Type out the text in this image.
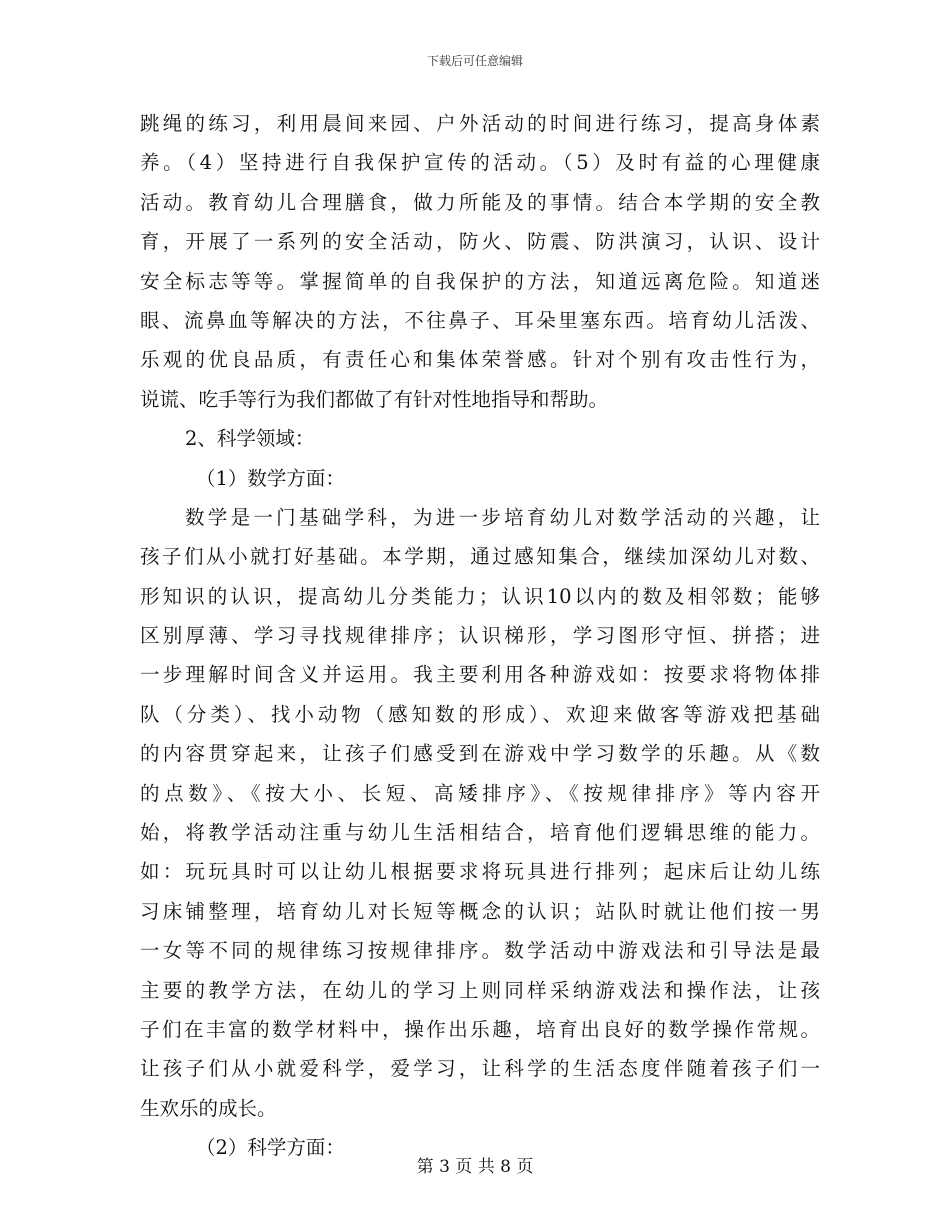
下载后可任意编辑
跳绳的练习，利用晨间来园、户外活动的时间进行练习，提高身体素
养。（4）坚持进行自我保护宣传的活动。（5）及时有益的心理健康
活动。教育幼儿合理膳食，做力所能及的事情。结合本学期的安全教
育，开展了一系列的安全活动，防火、防震、防洪演习，认识、设计
安全标志等等。掌握简单的自我保护的方法，知道远离危险。知道迷
眼、流鼻血等解决的方法，不往鼻子、耳朵里塞东西。培育幼儿活泼、
乐观的优良品质，有责任心和集体荣誉感。针对个别有攻击性行为，
说谎、吃手等行为我们都做了有针对性地指导和帮助。
2、科学领域：
（1）数学方面：
数学是一门基础学科，为进一步培育幼儿对数学活动的兴趣，让
孩子们从小就打好基础。本学期，通过感知集合，继续加深幼儿对数、
形知识的认识，提高幼儿分类能力；认识10以内的数及相邻数；能够
区别厚薄、学习寻找规律排序；认识梯形，学习图形守恒、拼搭；进
一步理解时间含义并运用。我主要利用各种游戏如：按要求将物体排
队（分类）、找小动物（感知数的形成）、欢迎来做客等游戏把基础
的内容贯穿起来，让孩子们感受到在游戏中学习数学的乐趣。从《数
的点数》、《按大小、长短、高矮排序》、《按规律排序》等内容开
始，将教学活动注重与幼儿生活相结合，培育他们逻辑思维的能力。
如：玩玩具时可以让幼儿根据要求将玩具进行排列；起床后让幼儿练
习床铺整理，培育幼儿对长短等概念的认识；站队时就让他们按一男
一女等不同的规律练习按规律排序。数学活动中游戏法和引导法是最
主要的教学方法，在幼儿的学习上则同样采纳游戏法和操作法，让孩
子们在丰富的数学材料中，操作出乐趣，培育出良好的数学操作常规。
让孩子们从小就爱科学，爱学习，让科学的生活态度伴随着孩子们一
生欢乐的成长。
（2）科学方面：
第 3 页 共 8 页
